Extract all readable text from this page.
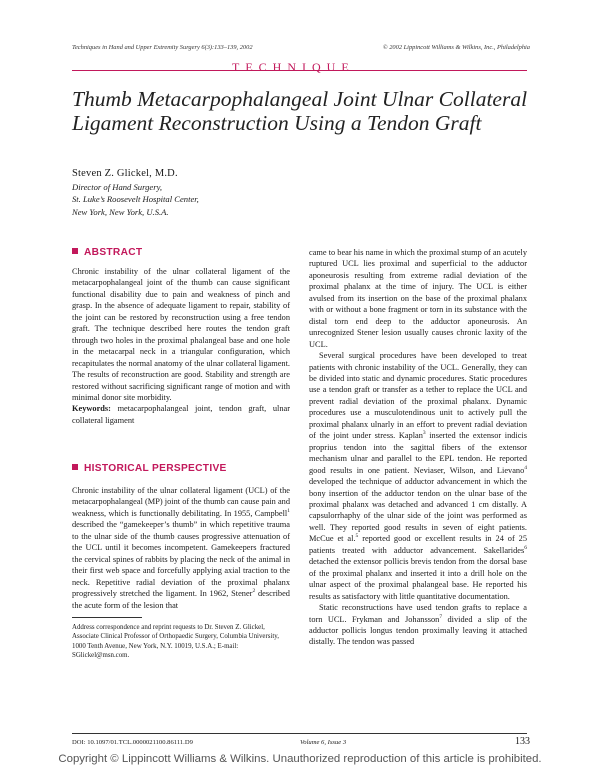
Techniques in Hand and Upper Extremity Surgery 6(3):133–139, 2002	© 2002 Lippincott Williams & Wilkins, Inc., Philadelphia
TECHNIQUE
Thumb Metacarpophalangeal Joint Ulnar Collateral Ligament Reconstruction Using a Tendon Graft
Steven Z. Glickel, M.D.
Director of Hand Surgery,
St. Luke’s Roosevelt Hospital Center,
New York, New York, U.S.A.
ABSTRACT

Chronic instability of the ulnar collateral ligament of the metacarpophalangeal joint of the thumb can cause significant functional disability due to pain and weakness of pinch and grasp. In the absence of adequate ligament to repair, stability of the joint can be restored by reconstruction using a free tendon graft. The technique described here routes the tendon graft through two holes in the proximal phalangeal base and one hole in the metacarpal neck in a triangular configuration, which recapitulates the normal anatomy of the ulnar collateral ligament. The results of reconstruction are good. Stability and strength are restored without sacrificing significant range of motion and with minimal donor site morbidity.

Keywords: metacarpophalangeal joint, tendon graft, ulnar collateral ligament

HISTORICAL PERSPECTIVE

Chronic instability of the ulnar collateral ligament (UCL) of the metacarpophalangeal (MP) joint of the thumb can cause pain and weakness, which is functionally debilitating. In 1955, Campbell$^1$ described the “gamekeeper’s thumb” in which repetitive trauma to the ulnar side of the thumb causes progressive attenuation of the UCL until it becomes incompetent. Gamekeepers fractured the cervical spines of rabbits by placing the neck of the animal in their first web space and forcefully applying axial traction to the neck. Repetitive radial deviation of the proximal phalanx progressively stretched the ligament. In 1962, Stener$^2$ described the acute form of the lesion that

Address correspondence and reprint requests to Dr. Steven Z. Glickel, Associate Clinical Professor of Orthopaedic Surgery, Columbia University, 1000 Tenth Avenue, New York, N.Y. 10019, U.S.A.; E-mail: SGlickel@msn.com.

came to bear his name in which the proximal stump of an acutely ruptured UCL lies proximal and superficial to the adductor aponeurosis resulting from extreme radial deviation of the proximal phalanx at the time of injury. The UCL is either avulsed from its insertion on the base of the proximal phalanx with or without a bone fragment or torn in its substance with the distal torn end deep to the adductor aponeurosis. An unrecognized Stener lesion usually causes chronic laxity of the UCL.

Several surgical procedures have been developed to treat patients with chronic instability of the UCL. Generally, they can be divided into static and dynamic procedures. Static procedures use a tendon graft or transfer as a tether to replace the UCL and prevent radial deviation of the proximal phalanx. Dynamic procedures use a musculotendinous unit to actively pull the proximal phalanx ulnarly in an effort to prevent radial deviation of the joint under stress. Kaplan$^3$ inserted the extensor indicis proprius tendon into the sagittal fibers of the extensor mechanism ulnar and parallel to the EPL tendon. He reported good results in one patient. Neviaser, Wilson, and Lievano$^4$ developed the technique of adductor advancement in which the bony insertion of the adductor tendon on the ulnar base of the proximal phalanx was detached and advanced 1 cm distally. A capsulorrhaphy of the ulnar side of the joint was performed as well. They reported good results in seven of eight patients. McCue et al.$^5$ reported good or excellent results in 24 of 25 patients treated with adductor advancement. Sakellarides$^6$ detached the extensor pollicis brevis tendon from the dorsal base of the proximal phalanx and inserted it into a drill hole on the ulnar aspect of the proximal phalangeal base. He reported his results as satisfactory with little quantitative documentation.

Static reconstructions have used tendon grafts to replace a torn UCL. Frykman and Johansson$^7$ divided a slip of the adductor pollicis longus tendon proximally leaving it attached distally. The tendon was passed

DOI: 10.1097/01.TCL.0000021100.86111.D9	Volume 6, Issue 3	133
Copyright © Lippincott Williams & Wilkins. Unauthorized reproduction of this article is prohibited.
